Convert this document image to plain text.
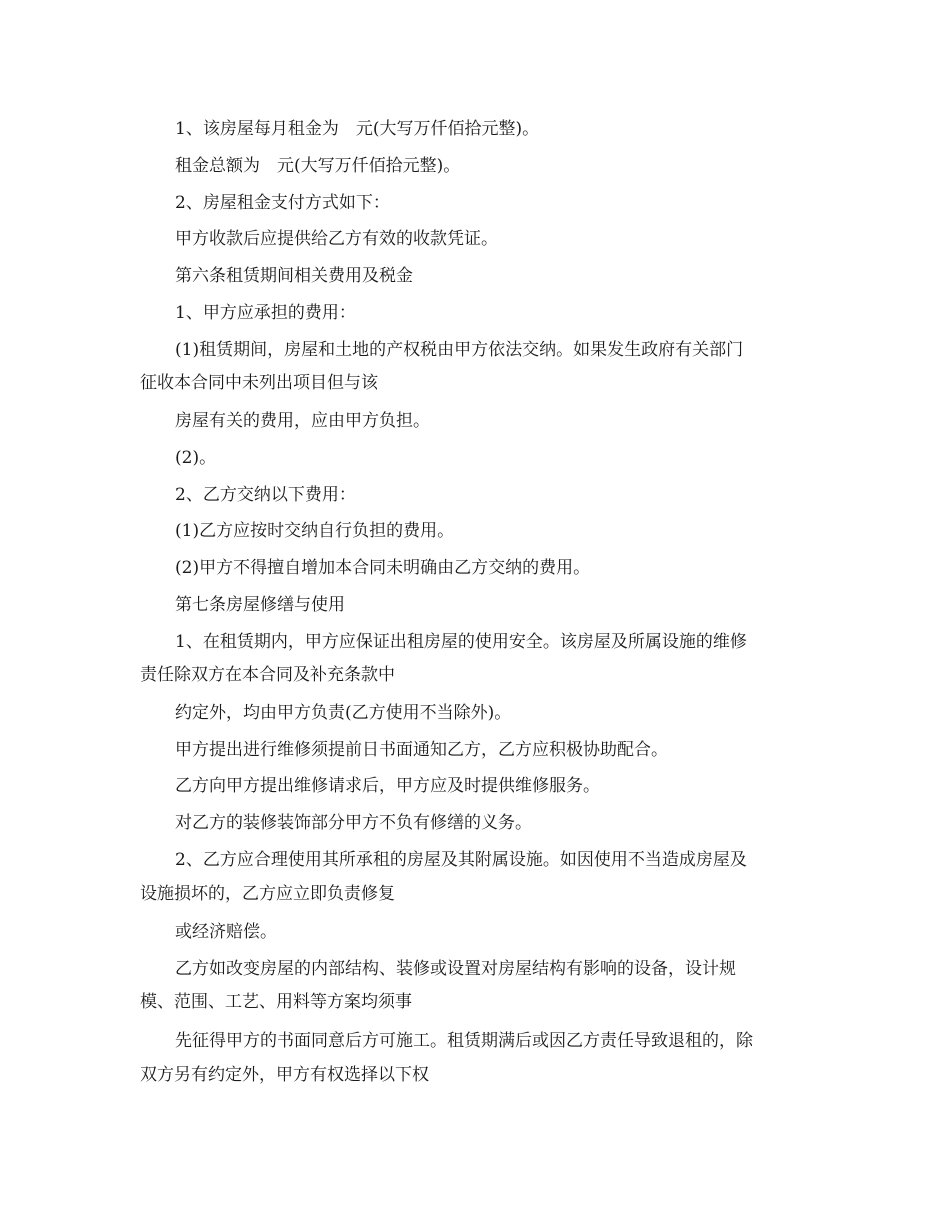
1、该房屋每月租金为　元(大写万仟佰拾元整)。
租金总额为　元(大写万仟佰拾元整)。
2、房屋租金支付方式如下：
甲方收款后应提供给乙方有效的收款凭证。
第六条租赁期间相关费用及税金
1、甲方应承担的费用：
(1)租赁期间，房屋和土地的产权税由甲方依法交纳。如果发生政府有关部门
征收本合同中未列出项目但与该
房屋有关的费用，应由甲方负担。
(2)。
2、乙方交纳以下费用：
(1)乙方应按时交纳自行负担的费用。
(2)甲方不得擅自增加本合同未明确由乙方交纳的费用。
第七条房屋修缮与使用
1、在租赁期内，甲方应保证出租房屋的使用安全。该房屋及所属设施的维修
责任除双方在本合同及补充条款中
约定外，均由甲方负责(乙方使用不当除外)。
甲方提出进行维修须提前日书面通知乙方，乙方应积极协助配合。
乙方向甲方提出维修请求后，甲方应及时提供维修服务。
对乙方的装修装饰部分甲方不负有修缮的义务。
2、乙方应合理使用其所承租的房屋及其附属设施。如因使用不当造成房屋及
设施损坏的，乙方应立即负责修复
或经济赔偿。
乙方如改变房屋的内部结构、装修或设置对房屋结构有影响的设备，设计规
模、范围、工艺、用料等方案均须事
先征得甲方的书面同意后方可施工。租赁期满后或因乙方责任导致退租的，除
双方另有约定外，甲方有权选择以下权
